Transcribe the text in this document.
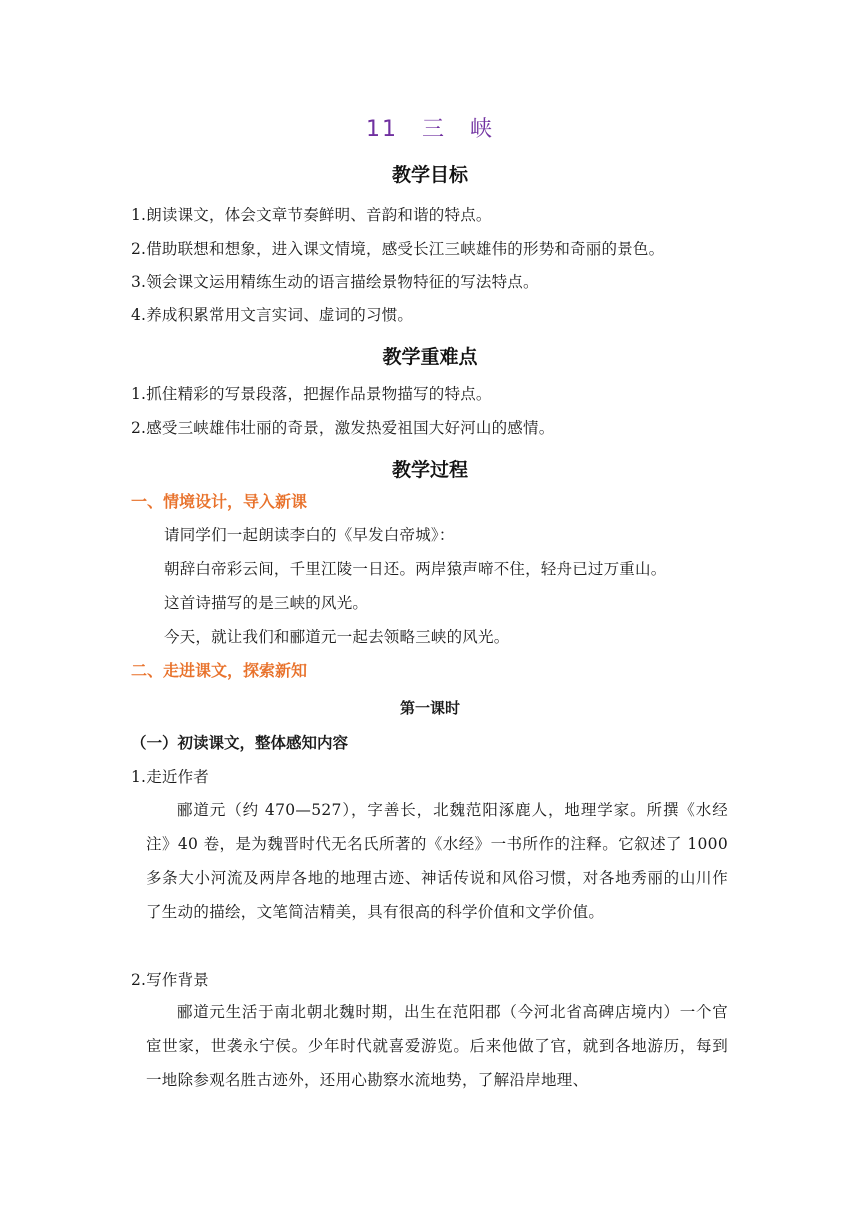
11　三　峡
教学目标
1.朗读课文，体会文章节奏鲜明、音韵和谐的特点。
2.借助联想和想象，进入课文情境，感受长江三峡雄伟的形势和奇丽的景色。
3.领会课文运用精练生动的语言描绘景物特征的写法特点。
4.养成积累常用文言实词、虚词的习惯。
教学重难点
1.抓住精彩的写景段落，把握作品景物描写的特点。
2.感受三峡雄伟壮丽的奇景，激发热爱祖国大好河山的感情。
教学过程
一、情境设计，导入新课
请同学们一起朗读李白的《早发白帝城》：
朝辞白帝彩云间，千里江陵一日还。两岸猿声啼不住，轻舟已过万重山。
这首诗描写的是三峡的风光。
今天，就让我们和郦道元一起去领略三峡的风光。
二、走进课文，探索新知
第一课时
（一）初读课文，整体感知内容
1.走近作者
郦道元（约 470—527），字善长，北魏范阳涿鹿人，地理学家。所撰《水经注》40 卷，是为魏晋时代无名氏所著的《水经》一书所作的注释。它叙述了 1000 多条大小河流及两岸各地的地理古迹、神话传说和风俗习惯，对各地秀丽的山川作了生动的描绘，文笔简洁精美，具有很高的科学价值和文学价值。
2.写作背景
郦道元生活于南北朝北魏时期，出生在范阳郡（今河北省高碑店境内）一个官宦世家，世袭永宁侯。少年时代就喜爱游览。后来他做了官，就到各地游历，每到一地除参观名胜古迹外，还用心勘察水流地势，了解沿岸地理、
